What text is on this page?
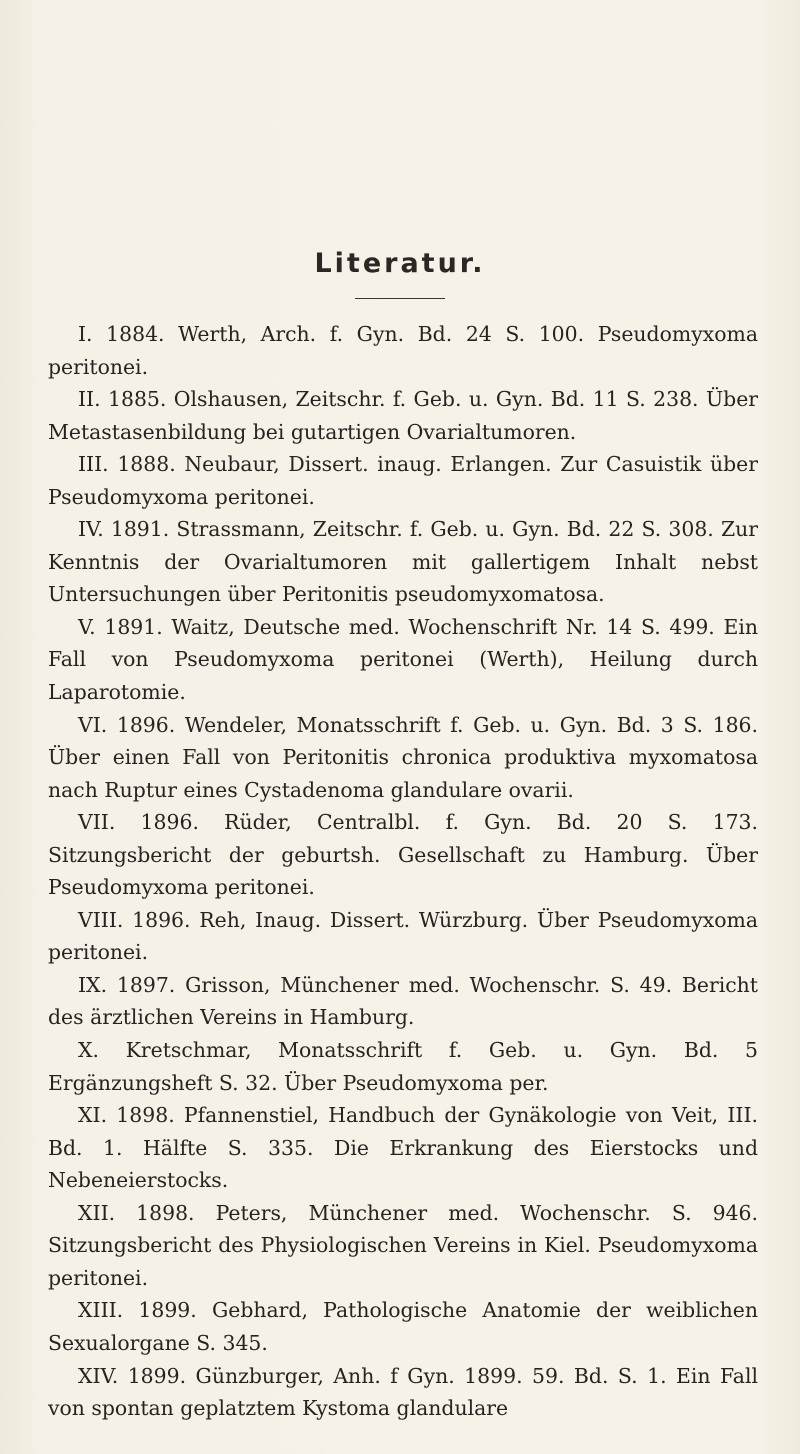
Literatur.

I. 1884. Werth, Arch. f. Gyn. Bd. 24 S. 100. Pseudomyxoma peritonei.

II. 1885. Olshausen, Zeitschr. f. Geb. u. Gyn. Bd. 11 S. 238. Über Metastasenbildung bei gutartigen Ovarialtumoren.

III. 1888. Neubaur, Dissert. inaug. Erlangen. Zur Casuistik über Pseudomyxoma peritonei.

IV. 1891. Strassmann, Zeitschr. f. Geb. u. Gyn. Bd. 22 S. 308. Zur Kenntnis der Ovarialtumoren mit gallertigem Inhalt nebst Untersuchungen über Peritonitis pseudomyxomatosa.

V. 1891. Waitz, Deutsche med. Wochenschrift Nr. 14 S. 499. Ein Fall von Pseudomyxoma peritonei (Werth), Heilung durch Laparotomie.

VI. 1896. Wendeler, Monatsschrift f. Geb. u. Gyn. Bd. 3 S. 186. Über einen Fall von Peritonitis chronica produktiva myxomatosa nach Ruptur eines Cystadenoma glandulare ovarii.

VII. 1896. Rüder, Centralbl. f. Gyn. Bd. 20 S. 173. Sitzungsbericht der geburtsh. Gesellschaft zu Hamburg. Über Pseudomyxoma peritonei.

VIII. 1896. Reh, Inaug. Dissert. Würzburg. Über Pseudomyxoma peritonei.

IX. 1897. Grisson, Münchener med. Wochenschr. S. 49. Bericht des ärztlichen Vereins in Hamburg.

X. Kretschmar, Monatsschrift f. Geb. u. Gyn. Bd. 5 Ergänzungsheft S. 32. Über Pseudomyxoma per.

XI. 1898. Pfannenstiel, Handbuch der Gynäkologie von Veit, III. Bd. 1. Hälfte S. 335. Die Erkrankung des Eierstocks und Nebeneierstocks.

XII. 1898. Peters, Münchener med. Wochenschr. S. 946. Sitzungsbericht des Physiologischen Vereins in Kiel. Pseudomyxoma peritonei.

XIII. 1899. Gebhard, Pathologische Anatomie der weiblichen Sexualorgane S. 345.

XIV. 1899. Günzburger, Anh. f Gyn. 1899. 59. Bd. S. 1. Ein Fall von spontan geplatztem Kystoma glandulare
